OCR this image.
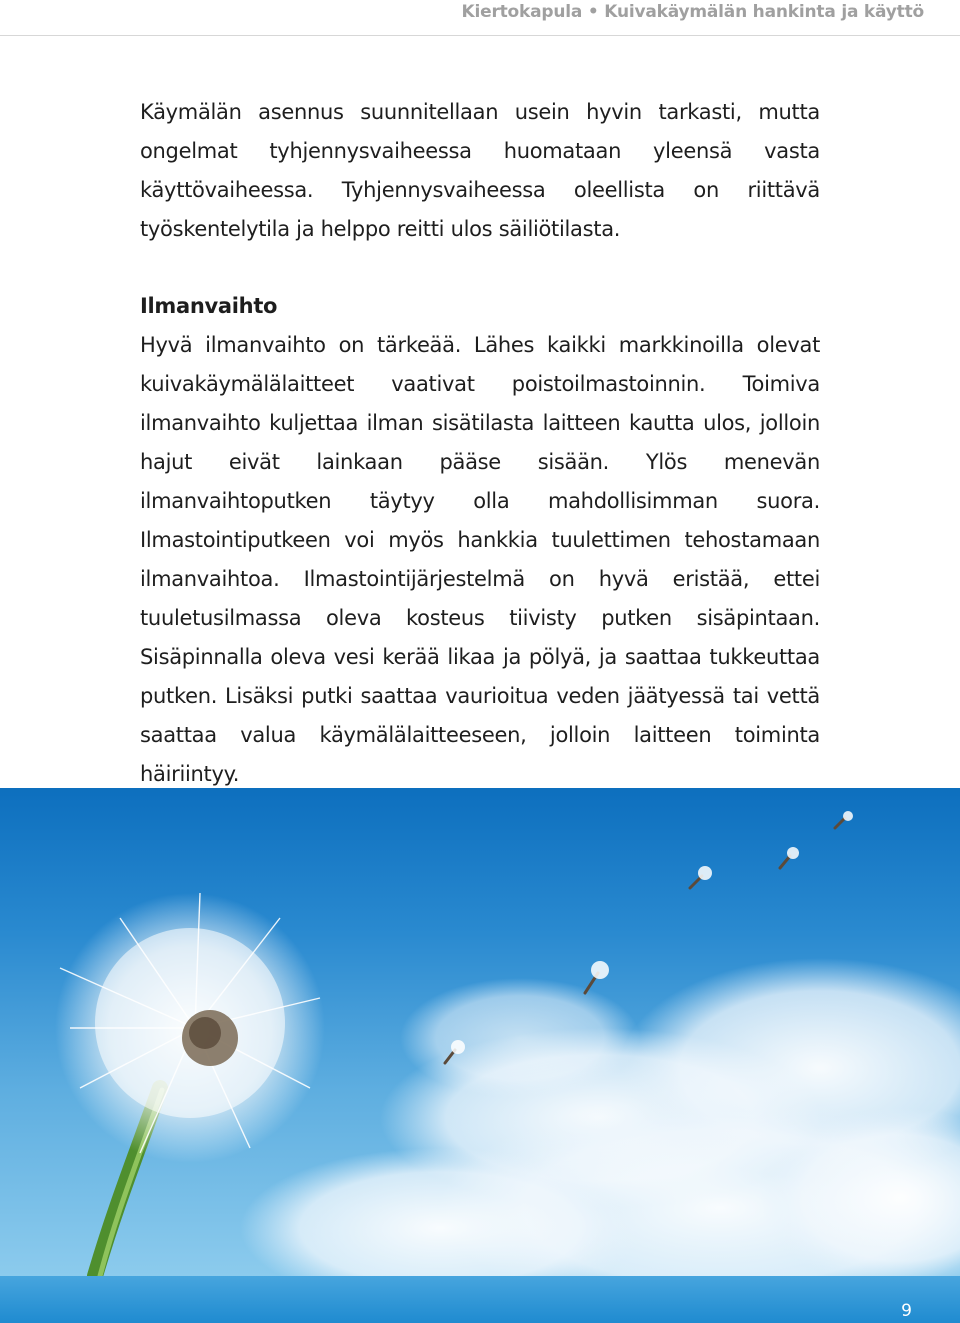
Kiertokapula • Kuivakäymälän hankinta ja käyttö

Käymälän asennus suunnitellaan usein hyvin tarkasti, mutta ongelmat tyhjennysvaiheessa huomataan yleensä vasta käyttövaiheessa. Tyhjennysvaiheessa oleellista on riittävä työskentelytila ja helppo reitti ulos säiliötilasta.

Ilmanvaihto

Hyvä ilmanvaihto on tärkeää. Lähes kaikki markkinoilla olevat kuivakäymälälaitteet vaativat poistoilmastoinnin. Toimiva ilmanvaihto kuljettaa ilman sisätilasta laitteen kautta ulos, jolloin hajut eivät lainkaan pääse sisään. Ylös menevän ilmanvaihtoputken täytyy olla mahdollisimman suora. Ilmastointiputkeen voi myös hankkia tuulettimen tehostamaan ilmanvaihtoa. Ilmastointijärjestelmä on hyvä eristää, ettei tuuletusilmassa oleva kosteus tiivisty putken sisäpintaan. Sisäpinnalla oleva vesi kerää likaa ja pölyä, ja saattaa tukkeuttaa putken. Lisäksi putki saattaa vaurioitua veden jäätyessä tai vettä saattaa valua käymälälaitteeseen, jolloin laitteen toiminta häiriintyy.

9
